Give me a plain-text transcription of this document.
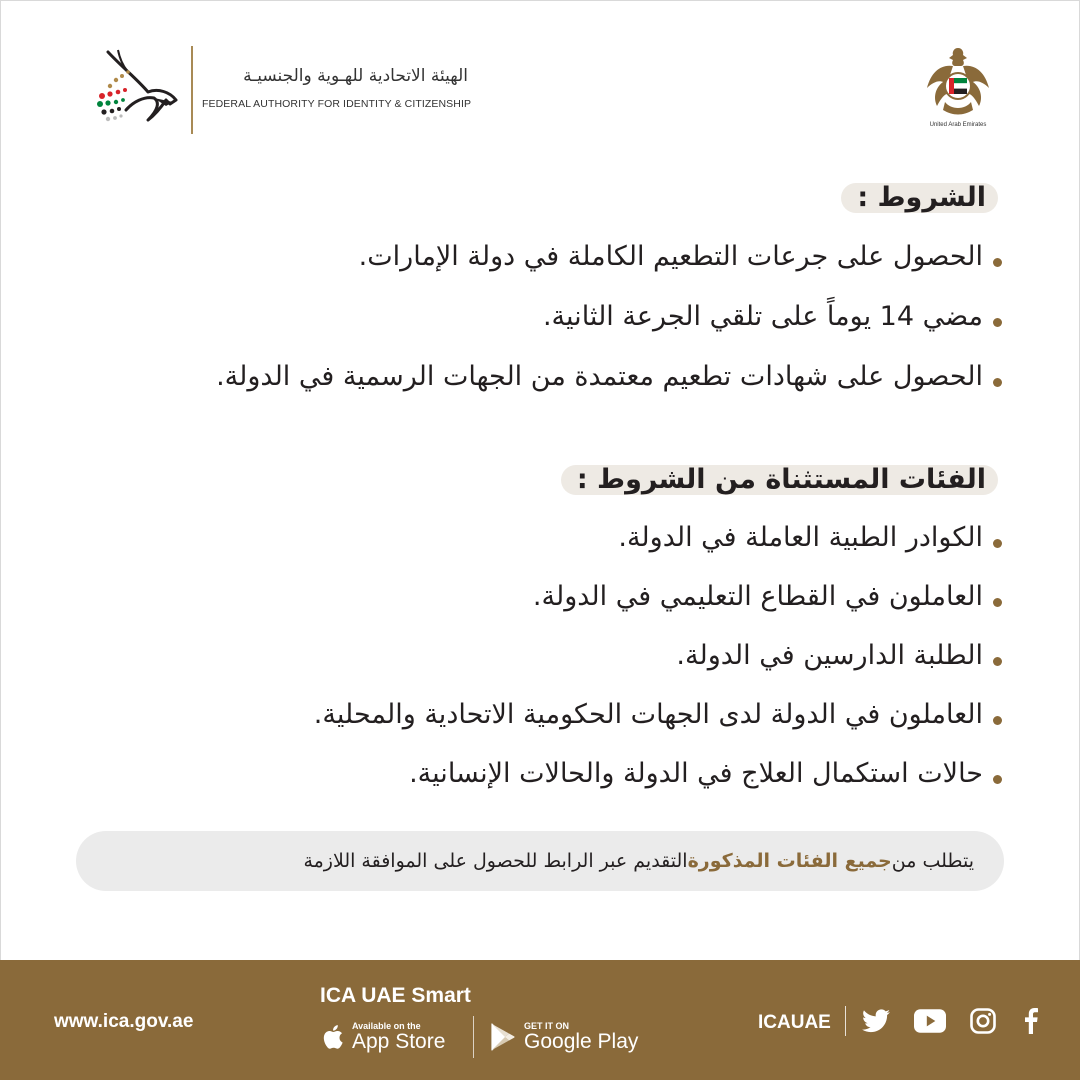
الهيئة الاتحادية للهـوية والجنسيـة
FEDERAL AUTHORITY FOR IDENTITY & CITIZENSHIP
United Arab Emirates
الشروط :
الحصول على جرعات التطعيم الكاملة في دولة الإمارات.
مضي 14 يوماً على تلقي الجرعة الثانية.
الحصول على شهادات تطعيم معتمدة من الجهات الرسمية في الدولة.
الفئات المستثناة من الشروط :
الكوادر الطبية العاملة في الدولة.
العاملون في القطاع التعليمي في الدولة.
الطلبة الدارسين في الدولة.
العاملون في الدولة لدى الجهات الحكومية الاتحادية والمحلية.
حالات استكمال العلاج في الدولة والحالات الإنسانية.
يتطلب من
جميع الفئات المذكورة
التقديم عبر الرابط للحصول على الموافقة اللازمة
www.ica.gov.ae
ICA UAE Smart
Available on the
App Store
GET IT ON
Google Play
ICAUAE
